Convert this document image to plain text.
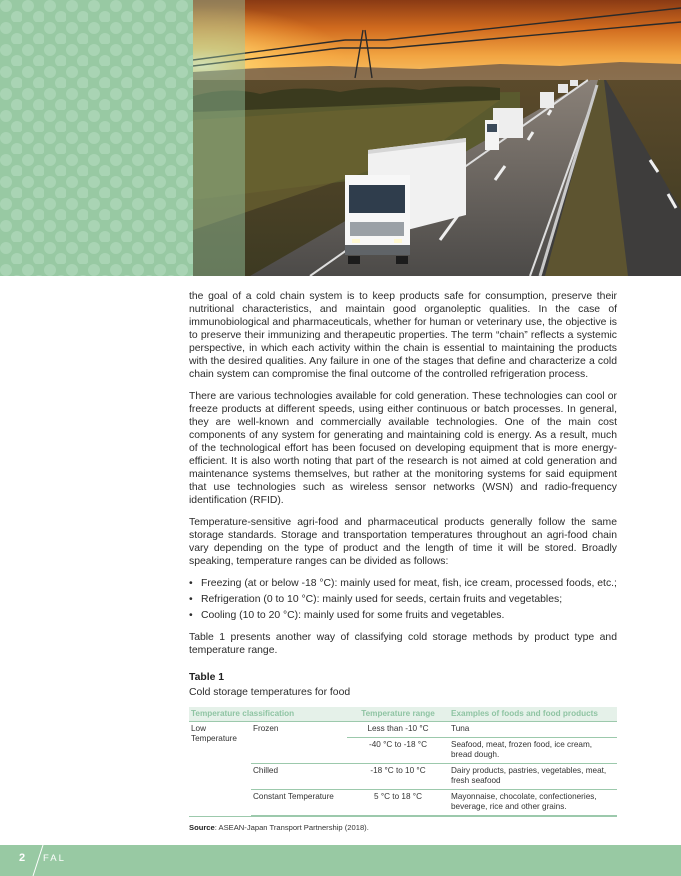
the goal of a cold chain system is to keep products safe for consumption, preserve their nutritional characteristics, and maintain good organoleptic qualities. In the case of immunobiological and pharmaceuticals, whether for human or veterinary use, the objective is to preserve their immunizing and therapeutic properties. The term “chain” reflects a systemic perspective, in which each activity within the chain is essential to maintaining the products with the desired qualities. Any failure in one of the stages that define and characterize a cold chain system can compromise the final outcome of the controlled refrigeration process.

There are various technologies available for cold generation. These technologies can cool or freeze products at different speeds, using either continuous or batch processes. In general, they are well-known and commercially available technologies. One of the main cost components of any system for generating and maintaining cold is energy. As a result, much of the technological effort has been focused on developing equipment that is more energy-efficient. It is also worth noting that part of the research is not aimed at cold generation and maintenance systems themselves, but rather at the monitoring systems for said equipment that use technologies such as wireless sensor networks (WSN) and radio-frequency identification (RFID).

Temperature-sensitive agri-food and pharmaceutical products generally follow the same storage standards. Storage and transportation temperatures throughout an agri-food chain vary depending on the type of product and the length of time it will be stored. Broadly speaking, temperature ranges can be divided as follows:

• Freezing (at or below -18 °C): mainly used for meat, fish, ice cream, processed foods, etc.;
• Refrigeration (0 to 10 °C): mainly used for seeds, certain fruits and vegetables;
• Cooling (10 to 20 °C): mainly used for some fruits and vegetables.

Table 1 presents another way of classifying cold storage methods by product type and temperature range.

Table 1
Cold storage temperatures for food
Temperature classification		Temperature range	Examples of foods and food products
Low Temperature	Frozen	Less than -10 °C	Tuna
		-40 °C to -18 °C	Seafood, meat, frozen food, ice cream, bread dough.
	Chilled	-18 °C to 10 °C	Dairy products, pastries, vegetables, meat, fresh seafood
	Constant Temperature	5 °C to 18 °C	Mayonnaise, chocolate, confectioneries, beverage, rice and other grains.

Source: ASEAN-Japan Transport Partnership (2018).
2 FAL
